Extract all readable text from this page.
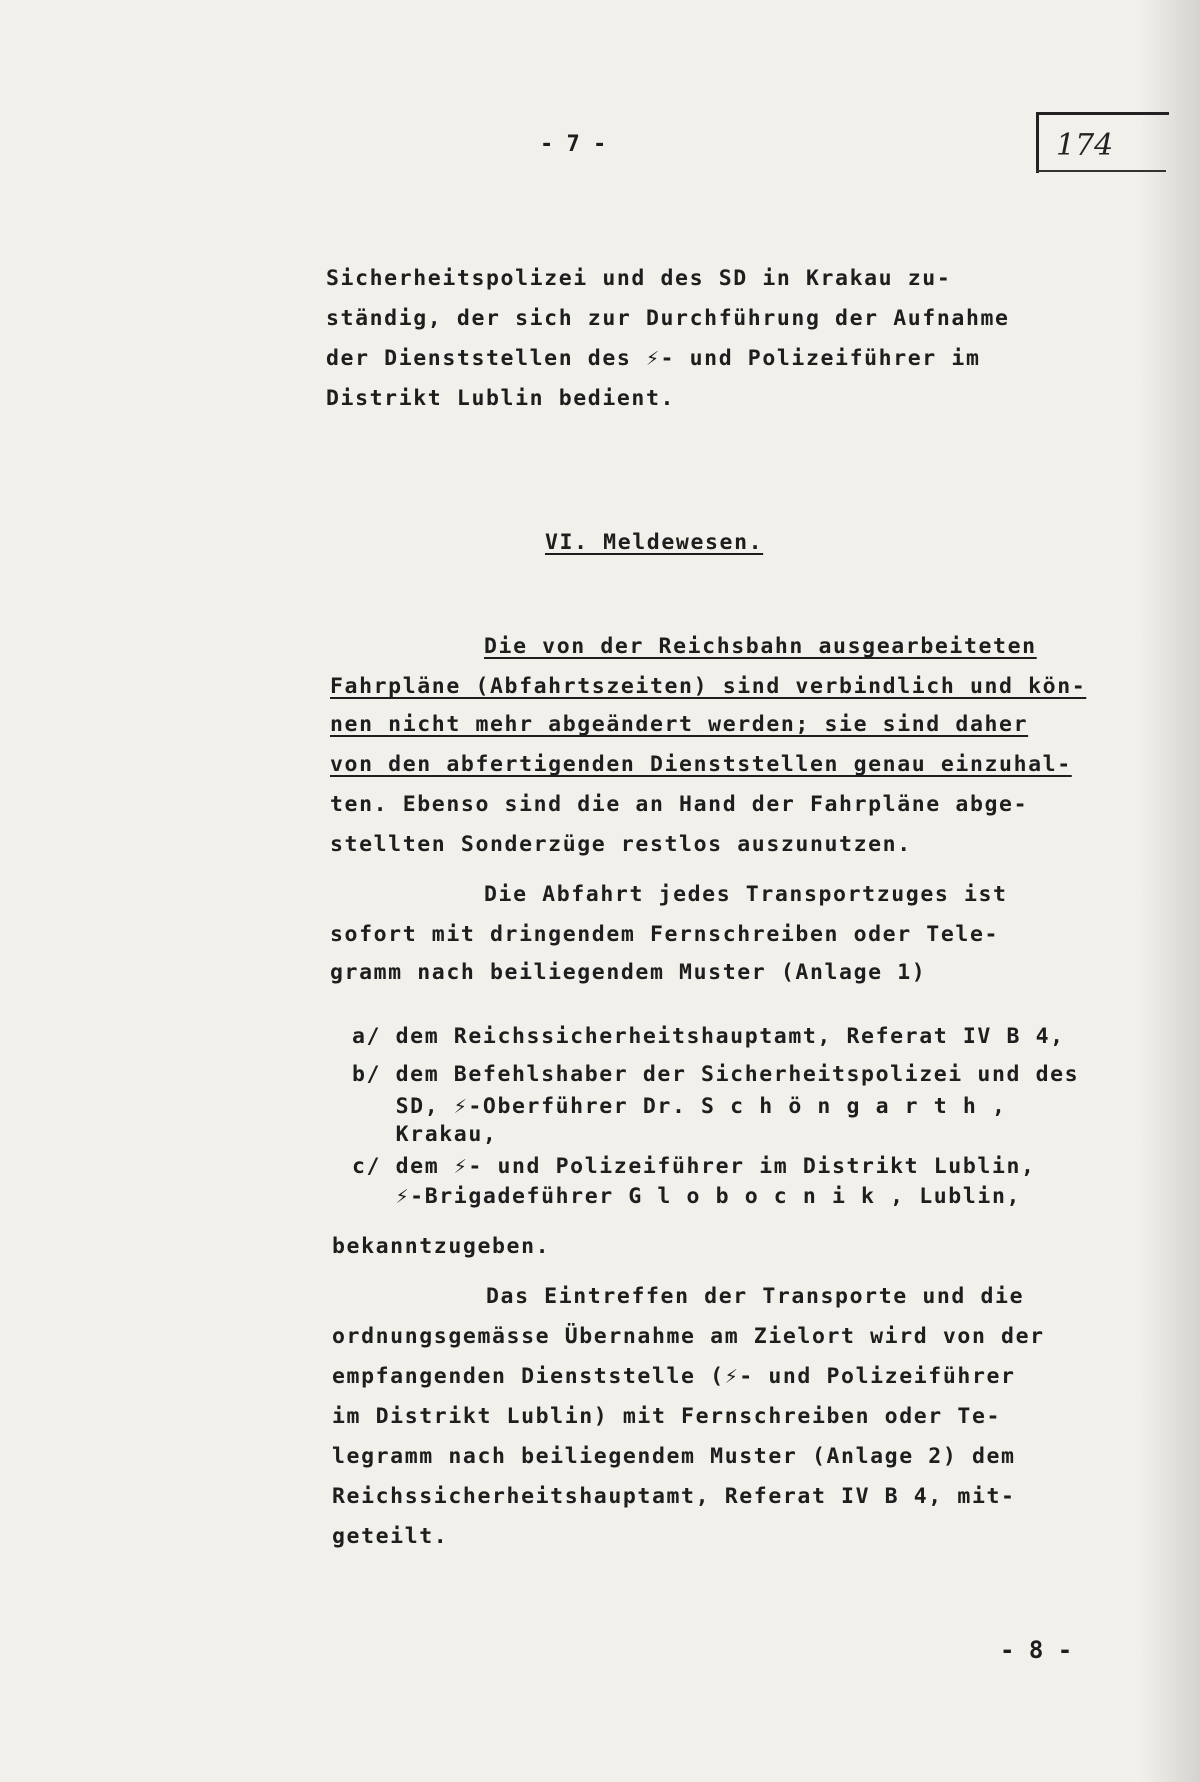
- 7 -	174
Sicherheitspolizei und des SD in Krakau zu-
ständig, der sich zur Durchführung der Aufnahme
der Dienststellen des ⚡- und Polizeiführer im
Distrikt Lublin bedient.
VI. Meldewesen.
Die von der Reichsbahn ausgearbeiteten
Fahrpläne (Abfahrtszeiten) sind verbindlich und kön-
nen nicht mehr abgeändert werden; sie sind daher
von den abfertigenden Dienststellen genau einzuhal-
ten. Ebenso sind die an Hand der Fahrpläne abge-
stellten Sonderzüge restlos auszunutzen.
Die Abfahrt jedes Transportzuges ist
sofort mit dringendem Fernschreiben oder Tele-
gramm nach beiliegendem Muster (Anlage 1)
a/ dem Reichssicherheitshauptamt, Referat IV B 4,
b/ dem Befehlshaber der Sicherheitspolizei und des
SD, ⚡-Oberführer Dr. S c h ö n g a r t h ,
Krakau,
c/ dem ⚡- und Polizeiführer im Distrikt Lublin,
⚡-Brigadeführer G l o b o c n i k , Lublin,
bekanntzugeben.
Das Eintreffen der Transporte und die
ordnungsgemässe Übernahme am Zielort wird von der
empfangenden Dienststelle (⚡- und Polizeiführer
im Distrikt Lublin) mit Fernschreiben oder Te-
legramm nach beiliegendem Muster (Anlage 2) dem
Reichssicherheitshauptamt, Referat IV B 4, mit-
geteilt.
- 8 -
